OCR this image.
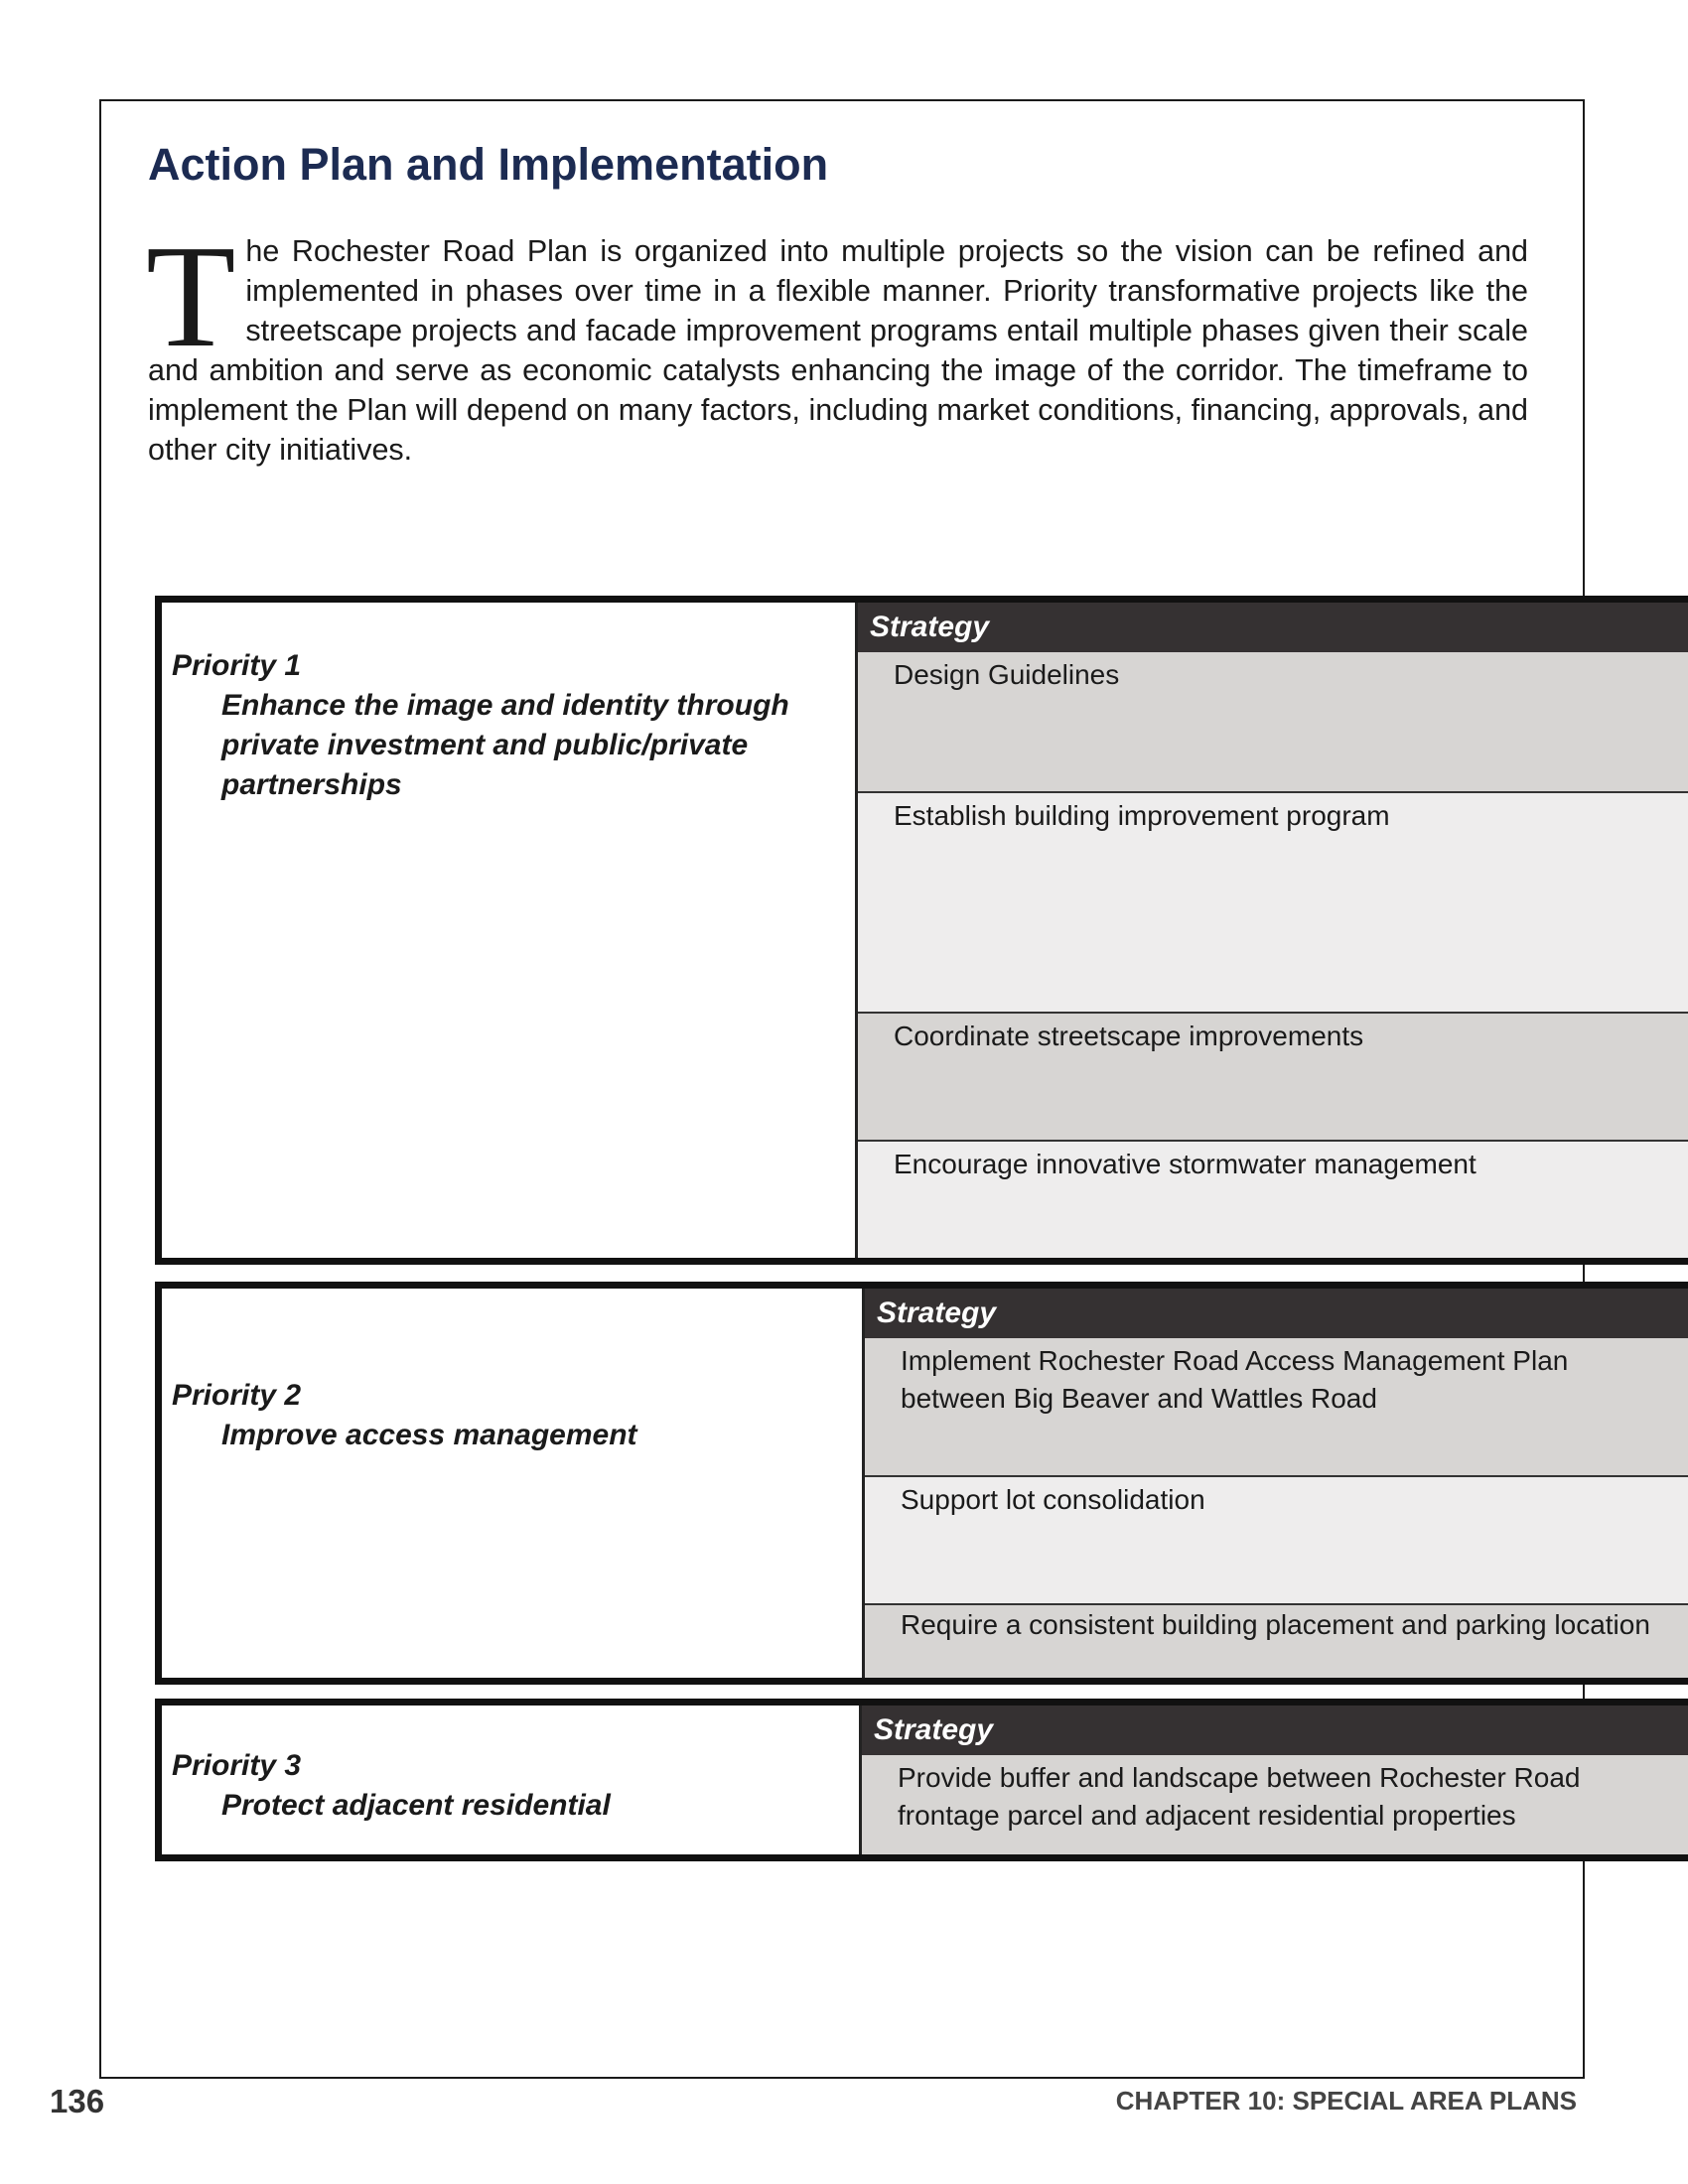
Action Plan and Implementation

The Rochester Road Plan is organized into multiple projects so the vision can be refined and implemented in phases over time in a flexible manner. Priority transformative projects like the streetscape projects and facade improvement programs entail multiple phases given their scale and ambition and serve as economic catalysts enhancing the image of the corridor. The timeframe to implement the Plan will depend on many factors, including market conditions, financing, approvals, and other city initiatives.

Priority 1
Enhance the image and identity through private investment and public/private partnerships
Strategy
Design Guidelines
Establish building improvement program
Coordinate streetscape improvements
Encourage innovative stormwater management
Priority 2
Improve access management
Strategy
Implement Rochester Road Access Management Plan between Big Beaver and Wattles Road
Support lot consolidation
Require a consistent building placement and parking location
Priority 3
Protect adjacent residential
Strategy
Provide buffer and landscape between Rochester Road frontage parcel and adjacent residential properties
136	CHAPTER 10: SPECIAL AREA PLANS
